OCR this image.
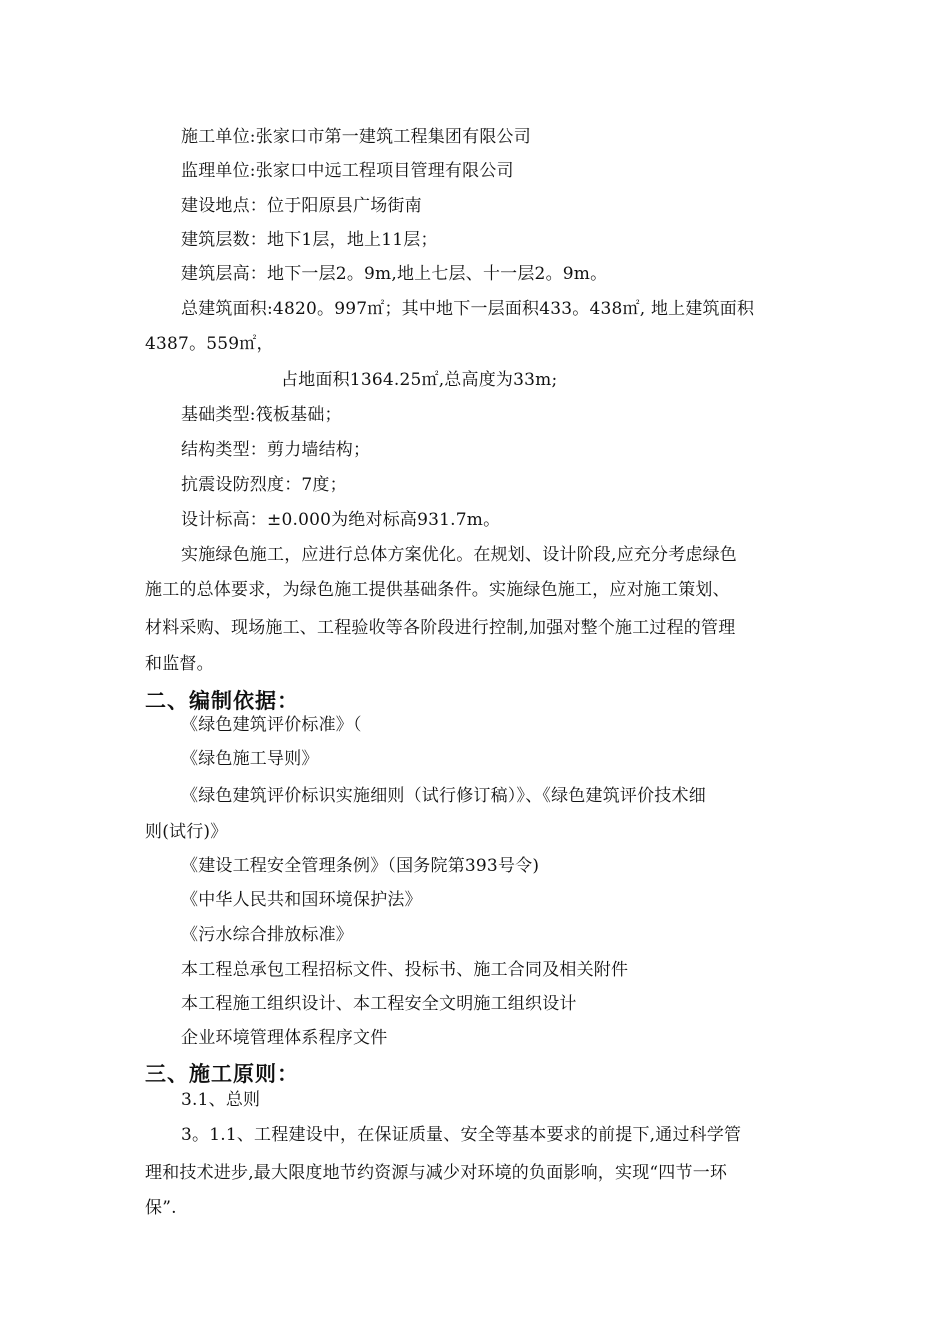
施工单位:张家口市第一建筑工程集团有限公司
监理单位:张家口中远工程项目管理有限公司
建设地点：位于阳原县广场街南
建筑层数：地下1层，地上11层；
建筑层高：地下一层2。9m,地上七层、十一层2。9m。
总建筑面积:4820。997㎡；其中地下一层面积433。438㎡, 地上建筑面积
4387。559㎡，
占地面积1364.25㎡,总高度为33m;
基础类型:筏板基础；
结构类型：剪力墙结构；
抗震设防烈度：7度；
设计标高：±0.000为绝对标高931.7m。
实施绿色施工，应进行总体方案优化。在规划、设计阶段,应充分考虑绿色
施工的总体要求，为绿色施工提供基础条件。实施绿色施工，应对施工策划、
材料采购、现场施工、工程验收等各阶段进行控制,加强对整个施工过程的管理
和监督。
二、编制依据：
《绿色建筑评价标准》（
《绿色施工导则》
《绿色建筑评价标识实施细则（试行修订稿）》、《绿色建筑评价技术细
则(试行)》
《建设工程安全管理条例》（国务院第393号令)
《中华人民共和国环境保护法》
《污水综合排放标准》
本工程总承包工程招标文件、投标书、施工合同及相关附件
本工程施工组织设计、本工程安全文明施工组织设计
企业环境管理体系程序文件
三、施工原则：
3.1、总则
3。1.1、工程建设中，在保证质量、安全等基本要求的前提下,通过科学管
理和技术进步,最大限度地节约资源与减少对环境的负面影响，实现“四节一环
保”.
